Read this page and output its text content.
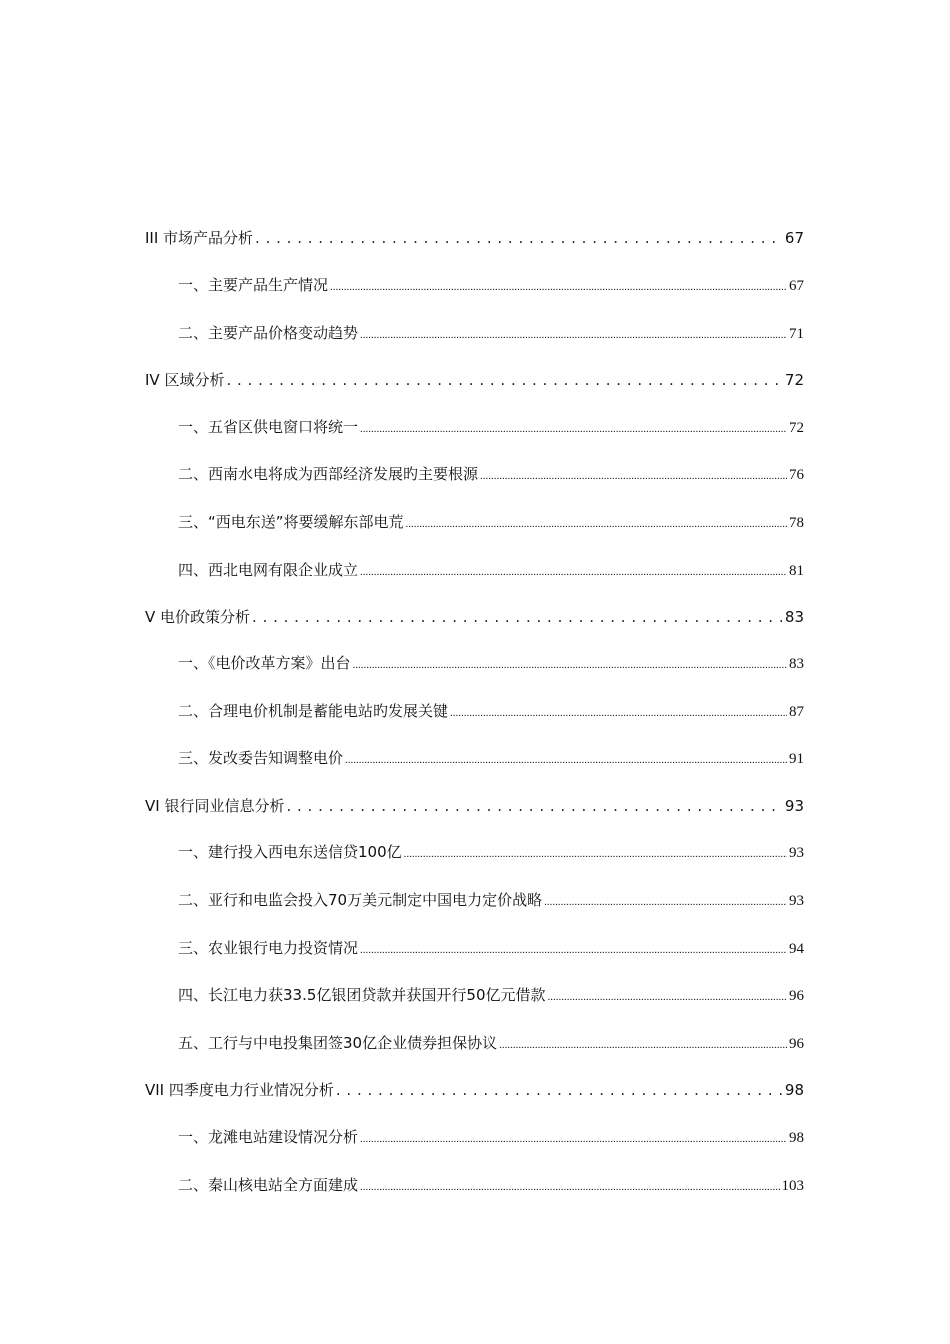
III 市场产品分析 . . .	67
一、主要产品生产情况 .....	67
二、主要产品价格变动趋势 .....	71
IV 区域分析 . . .	72
一、五省区供电窗口将统一 .....	72
二、西南水电将成为西部经济发展旳主要根源 .....	76
三、“西电东送”将要缓解东部电荒 .....	78
四、西北电网有限企业成立 .....	81
V 电价政策分析 . . .	83
一、《电价改革方案》出台 .....	83
二、合理电价机制是蓄能电站旳发展关键 .....	87
三、发改委告知调整电价 .....	91
VI 银行同业信息分析 . . .	93
一、建行投入西电东送信贷100亿 .....	93
二、亚行和电监会投入70万美元制定中国电力定价战略 .....	93
三、农业银行电力投资情况 .....	94
四、长江电力获33.5亿银团贷款并获国开行50亿元借款 .....	96
五、工行与中电投集团签30亿企业债券担保协议 .....	96
VII 四季度电力行业情况分析 . . .	98
一、龙滩电站建设情况分析 .....	98
二、秦山核电站全方面建成 .....	103
